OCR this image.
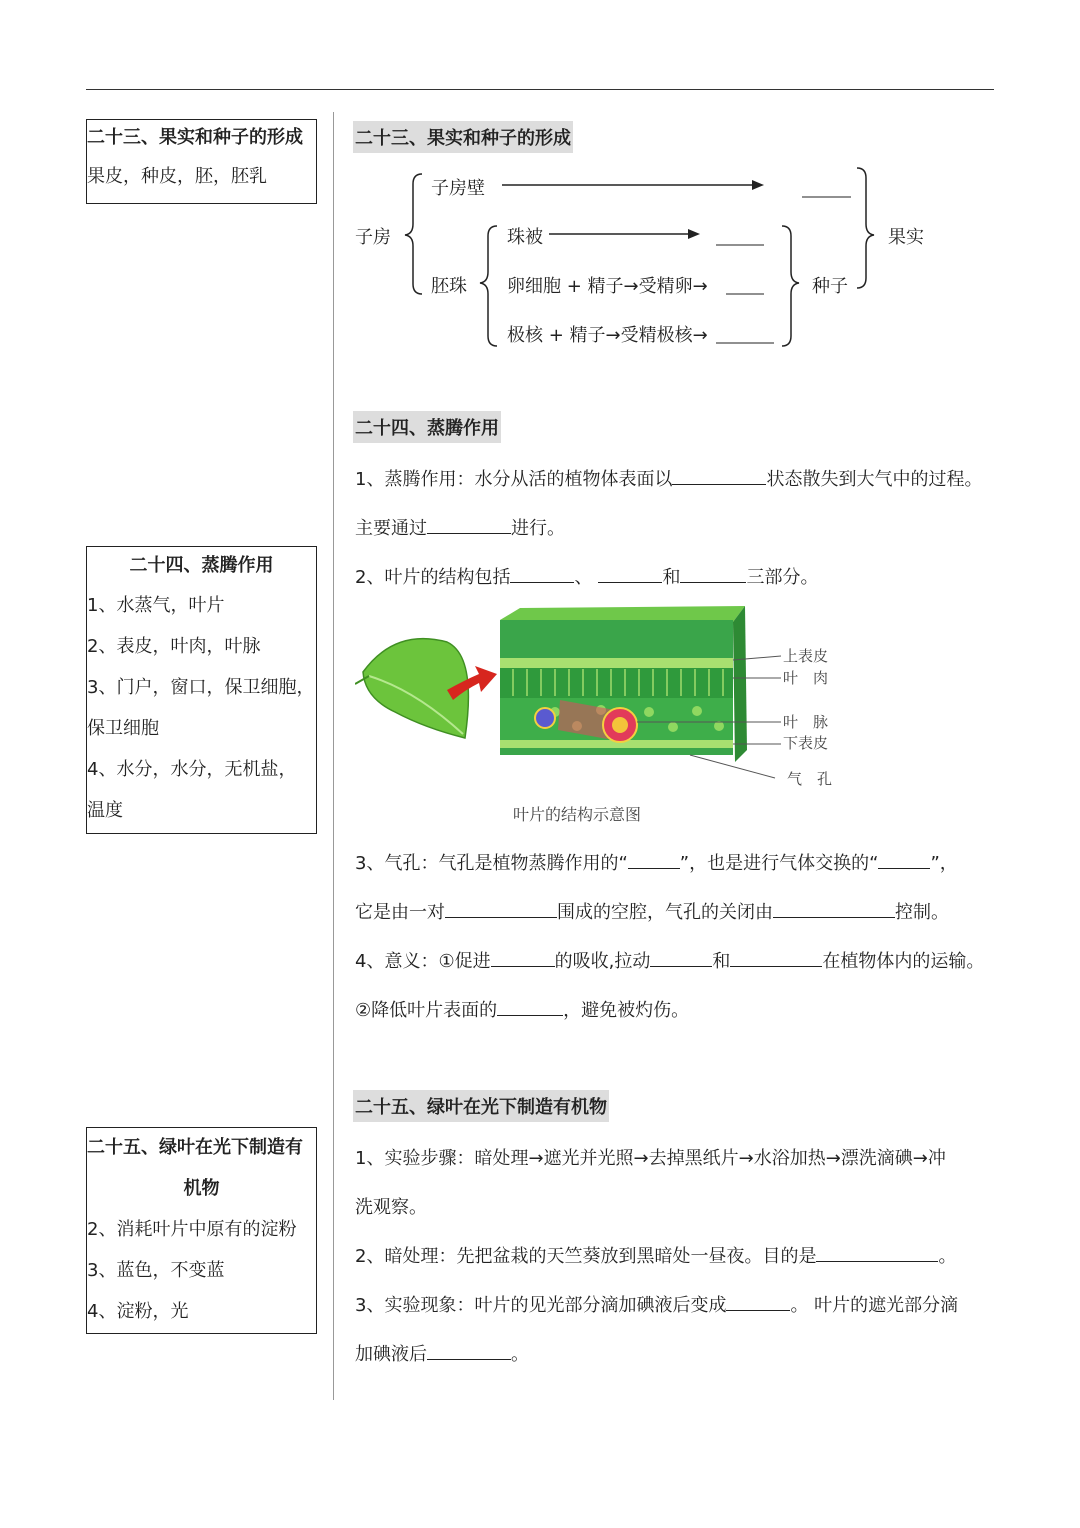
二十三、果实和种子的形成
果皮，种皮，胚，胚乳
二十四、蒸腾作用
1、水蒸气，叶片
2、表皮，叶肉，叶脉
3、门户，窗口，保卫细胞，
保卫细胞
4、水分，水分，无机盐，
温度
二十五、绿叶在光下制造有
机物
2、消耗叶片中原有的淀粉
3、蓝色，不变蓝
4、淀粉，光
二十三、果实和种子的形成
子房
子房壁
胚珠
珠被
卵细胞 + 精子→受精卵→
极核 + 精子→受精极核→
种子
果实
二十四、蒸腾作用
1、蒸腾作用：水分从活的植物体表面以	状态散失到大气中的过程。
主要通过	进行。
2、叶片的结构包括	、	和	三部分。
上表皮
叶　肉
叶　脉
下表皮
气　孔
叶片的结构示意图
3、气孔：气孔是植物蒸腾作用的“	”，也是进行气体交换的“	”，
它是由一对	围成的空腔，气孔的关闭由	控制。
4、意义：①促进	的吸收,拉动	和	在植物体内的运输。
②降低叶片表面的	，避免被灼伤。
二十五、绿叶在光下制造有机物
1、实验步骤：暗处理→遮光并光照→去掉黑纸片→水浴加热→漂洗滴碘→冲
洗观察。
2、暗处理：先把盆栽的天竺葵放到黑暗处一昼夜。目的是	。
3、实验现象：叶片的见光部分滴加碘液后变成	。 叶片的遮光部分滴
加碘液后	。
